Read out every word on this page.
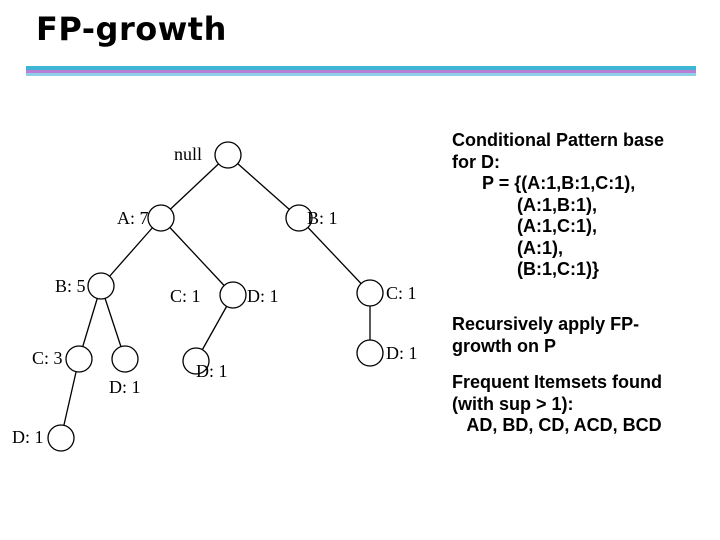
FP-growth
null
A: 7	B: 1
B: 5	C: 1	D: 1	C: 1
C: 3	D: 1
D: 1
D: 1
D: 1
Conditional Pattern base
for D:
P = {(A:1,B:1,C:1),
(A:1,B:1),
(A:1,C:1),
(A:1),
(B:1,C:1)}
Recursively apply FP-
growth on P
Frequent Itemsets found
(with sup > 1):
AD, BD, CD, ACD, BCD
